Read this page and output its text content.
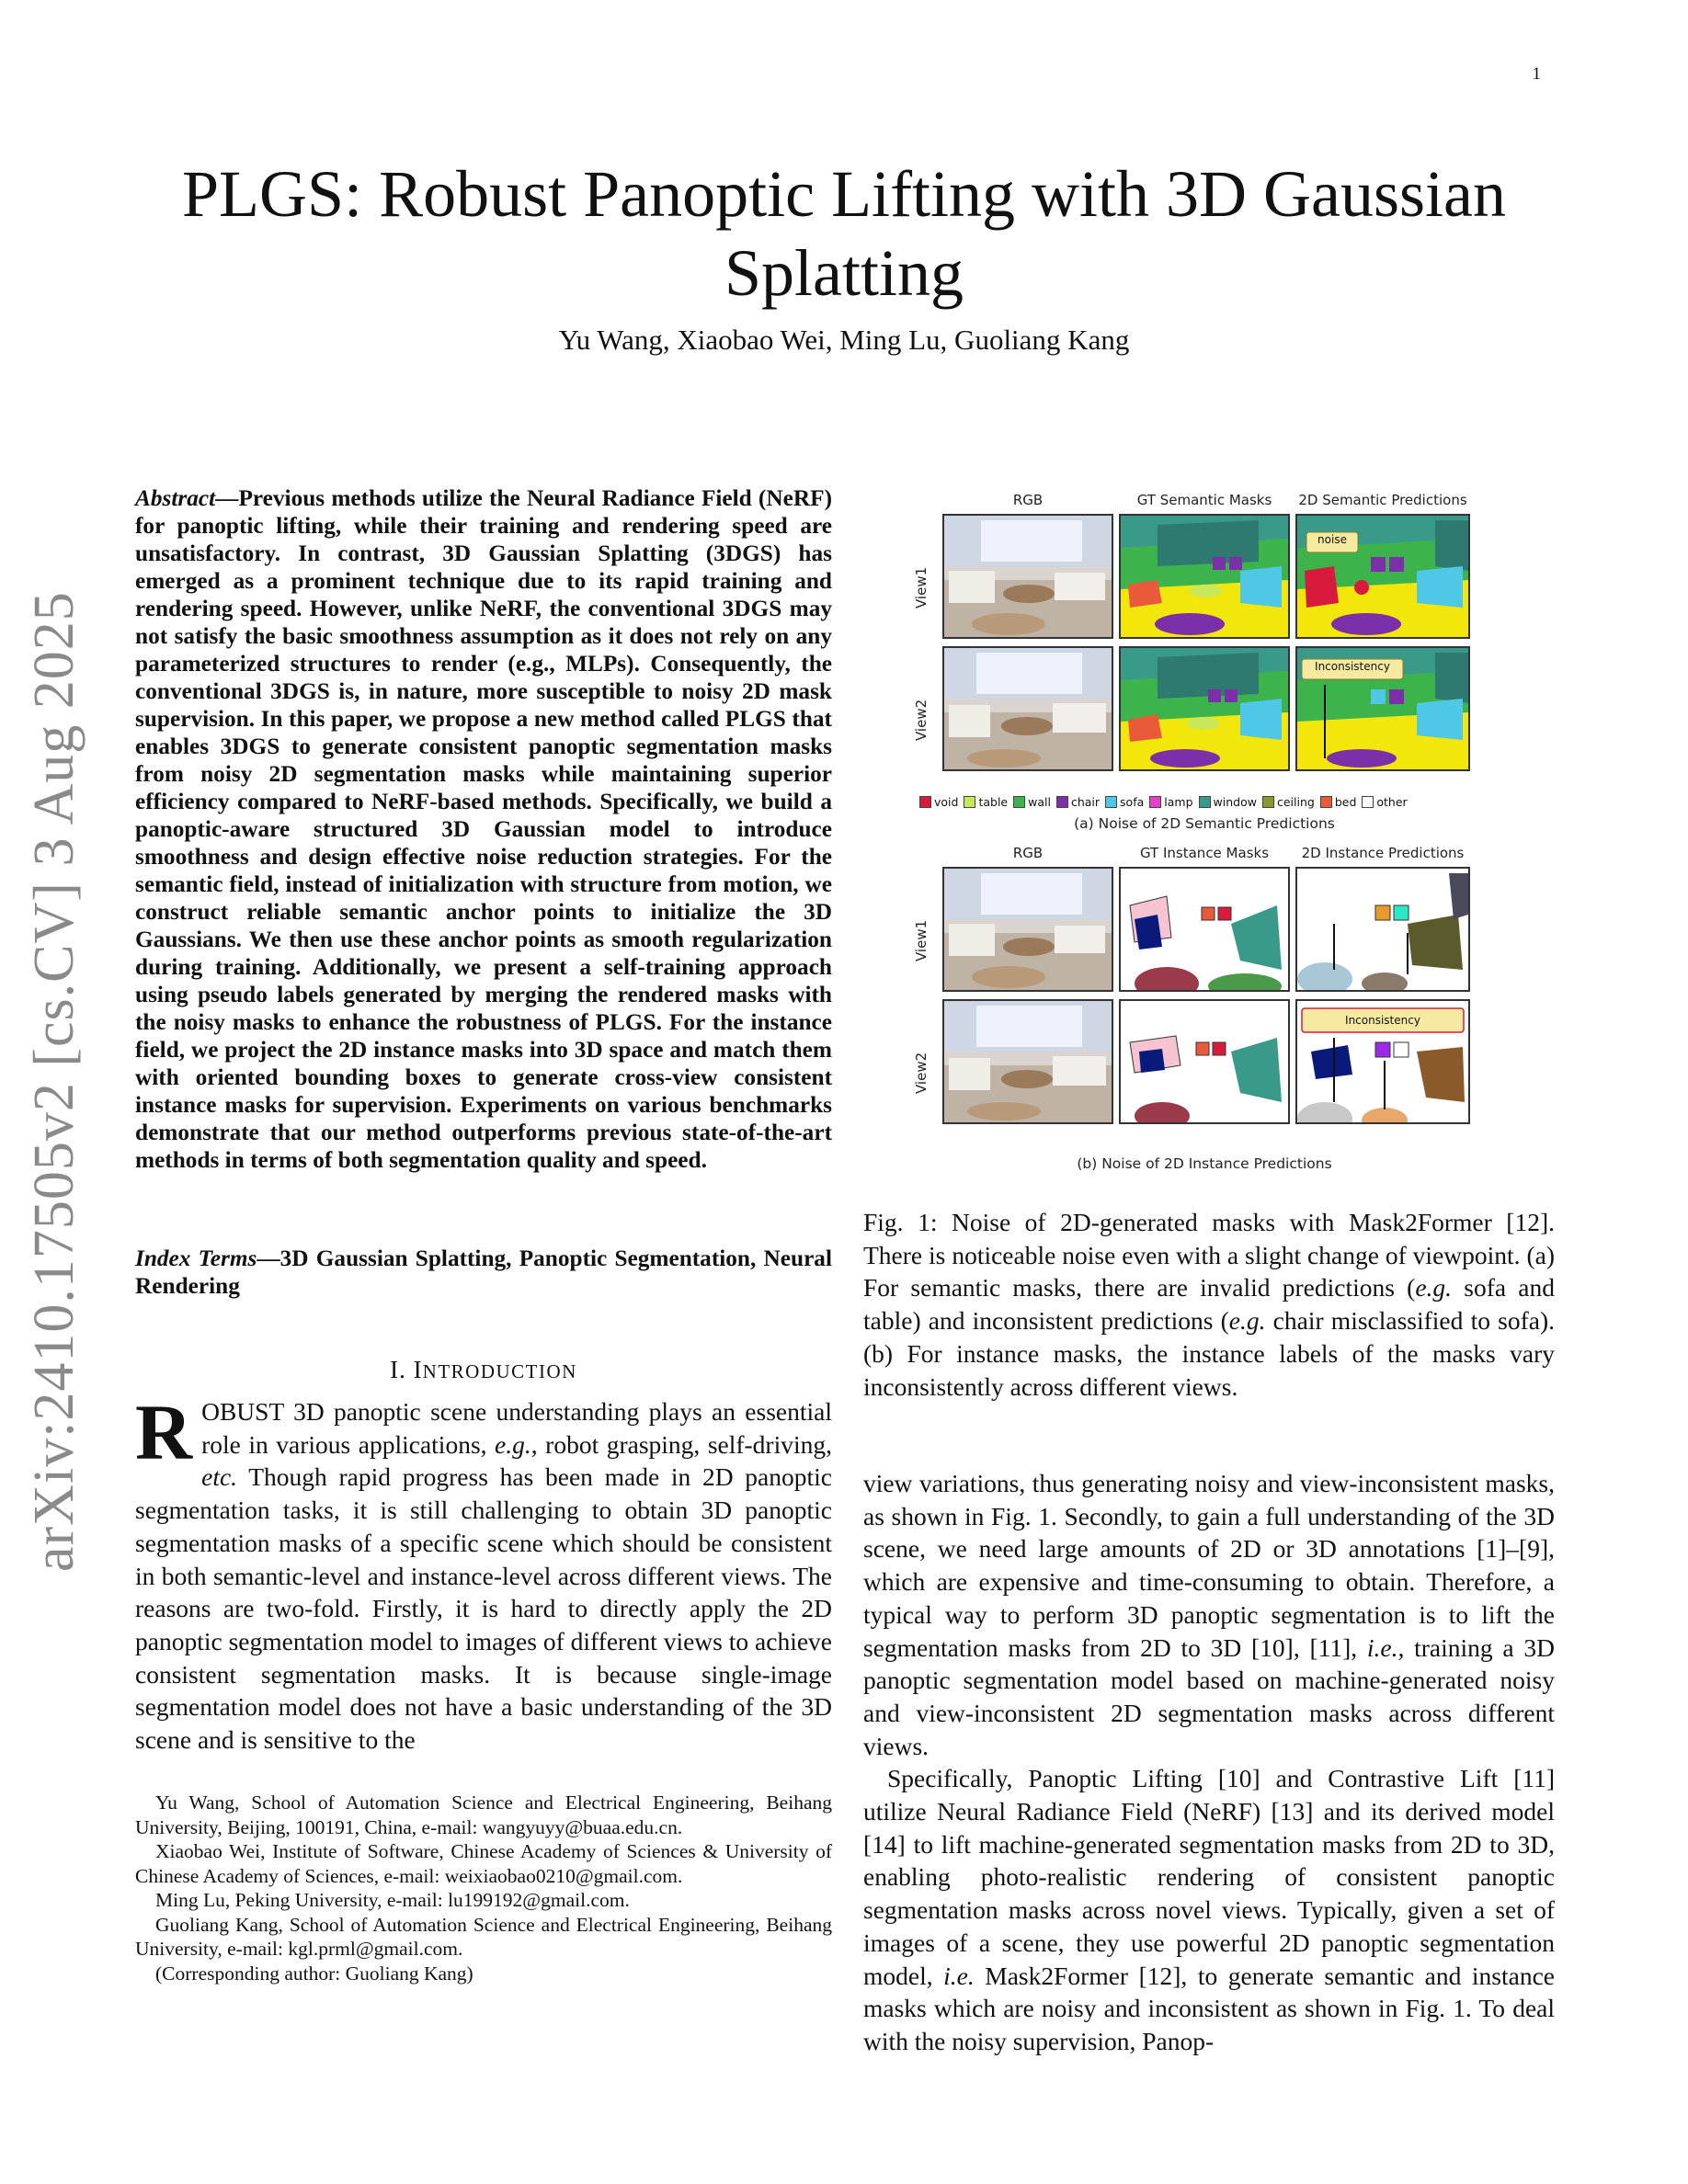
1
arXiv:2410.17505v2 [cs.CV] 3 Aug 2025
PLGS: Robust Panoptic Lifting with 3D Gaussian Splatting
Yu Wang, Xiaobao Wei, Ming Lu, Guoliang Kang
Abstract—Previous methods utilize the Neural Radiance Field (NeRF) for panoptic lifting, while their training and rendering speed are unsatisfactory. In contrast, 3D Gaussian Splatting (3DGS) has emerged as a prominent technique due to its rapid training and rendering speed. However, unlike NeRF, the conventional 3DGS may not satisfy the basic smoothness assumption as it does not rely on any parameterized structures to render (e.g., MLPs). Consequently, the conventional 3DGS is, in nature, more susceptible to noisy 2D mask supervision. In this paper, we propose a new method called PLGS that enables 3DGS to generate consistent panoptic segmentation masks from noisy 2D segmentation masks while maintaining superior efficiency compared to NeRF-based methods. Specifically, we build a panoptic-aware structured 3D Gaussian model to introduce smoothness and design effective noise reduction strategies. For the semantic field, instead of initialization with structure from motion, we construct reliable semantic anchor points to initialize the 3D Gaussians. We then use these anchor points as smooth regularization during training. Additionally, we present a self-training approach using pseudo labels generated by merging the rendered masks with the noisy masks to enhance the robustness of PLGS. For the instance field, we project the 2D instance masks into 3D space and match them with oriented bounding boxes to generate cross-view consistent instance masks for supervision. Experiments on various benchmarks demonstrate that our method outperforms previous state-of-the-art methods in terms of both segmentation quality and speed.
Index Terms—3D Gaussian Splatting, Panoptic Segmentation, Neural Rendering
I. INTRODUCTION
ROBUST 3D panoptic scene understanding plays an essential role in various applications, e.g., robot grasping, self-driving, etc. Though rapid progress has been made in 2D panoptic segmentation tasks, it is still challenging to obtain 3D panoptic segmentation masks of a specific scene which should be consistent in both semantic-level and instance-level across different views. The reasons are two-fold. Firstly, it is hard to directly apply the 2D panoptic segmentation model to images of different views to achieve consistent segmentation masks. It is because single-image segmentation model does not have a basic understanding of the 3D scene and is sensitive to the

Yu Wang, School of Automation Science and Electrical Engineering, Beihang University, Beijing, 100191, China, e-mail: wangyuyy@buaa.edu.cn.

Xiaobao Wei, Institute of Software, Chinese Academy of Sciences & University of Chinese Academy of Sciences, e-mail: weixiaobao0210@gmail.com.

Ming Lu, Peking University, e-mail: lu199192@gmail.com.

Guoliang Kang, School of Automation Science and Electrical Engineering, Beihang University, e-mail: kgl.prml@gmail.com.

(Corresponding author: Guoliang Kang)

RGB	GT Semantic Masks	2D Semantic Predictions
View1
View2
noise
Inconsistency
void table wall chair sofa lamp window ceiling bed other
(a) Noise of 2D Semantic Predictions
RGB	GT Instance Masks	2D Instance Predictions
View1
View2
Inconsistency
(b) Noise of 2D Instance Predictions
Fig. 1: Noise of 2D-generated masks with Mask2Former [12]. There is noticeable noise even with a slight change of viewpoint. (a) For semantic masks, there are invalid predictions (e.g. sofa and table) and inconsistent predictions (e.g. chair misclassified to sofa). (b) For instance masks, the instance labels of the masks vary inconsistently across different views.

view variations, thus generating noisy and view-inconsistent masks, as shown in Fig. 1. Secondly, to gain a full understanding of the 3D scene, we need large amounts of 2D or 3D annotations [1]–[9], which are expensive and time-consuming to obtain. Therefore, a typical way to perform 3D panoptic segmentation is to lift the segmentation masks from 2D to 3D [10], [11], i.e., training a 3D panoptic segmentation model based on machine-generated noisy and view-inconsistent 2D segmentation masks across different views.

Specifically, Panoptic Lifting [10] and Contrastive Lift [11] utilize Neural Radiance Field (NeRF) [13] and its derived model [14] to lift machine-generated segmentation masks from 2D to 3D, enabling photo-realistic rendering of consistent panoptic segmentation masks across novel views. Typically, given a set of images of a scene, they use powerful 2D panoptic segmentation model, i.e. Mask2Former [12], to generate semantic and instance masks which are noisy and inconsistent as shown in Fig. 1. To deal with the noisy supervision, Panop-
